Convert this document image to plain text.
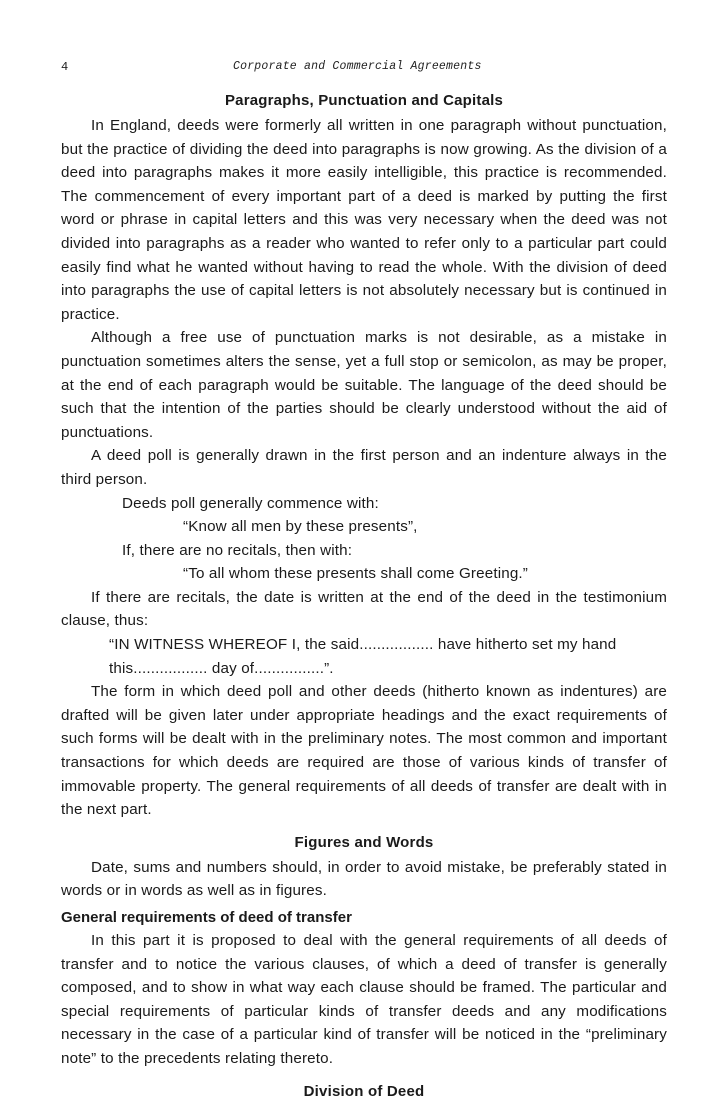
4	Corporate and Commercial Agreements
Paragraphs, Punctuation and Capitals

In England, deeds were formerly all written in one paragraph without punctuation, but the practice of dividing the deed into paragraphs is now growing. As the division of a deed into paragraphs makes it more easily intelligible, this practice is recommended. The commencement of every important part of a deed is marked by putting the first word or phrase in capital letters and this was very necessary when the deed was not divided into paragraphs as a reader who wanted to refer only to a particular part could easily find what he wanted without having to read the whole. With the division of deed into paragraphs the use of capital letters is not absolutely necessary but is continued in practice.

Although a free use of punctuation marks is not desirable, as a mistake in punctuation sometimes alters the sense, yet a full stop or semicolon, as may be proper, at the end of each paragraph would be suitable. The language of the deed should be such that the intention of the parties should be clearly understood without the aid of punctuations.

A deed poll is generally drawn in the first person and an indenture always in the third person.

Deeds poll generally commence with:
“Know all men by these presents”,
If, there are no recitals, then with:
“To all whom these presents shall come Greeting.”

If there are recitals, the date is written at the end of the deed in the testimonium clause, thus:

“IN WITNESS WHEREOF I, the said................. have hitherto set my hand
this................. day of................”.

The form in which deed poll and other deeds (hitherto known as indentures) are drafted will be given later under appropriate headings and the exact requirements of such forms will be dealt with in the preliminary notes. The most common and important transactions for which deeds are required are those of various kinds of transfer of immovable property. The general requirements of all deeds of transfer are dealt with in the next part.

Figures and Words

Date, sums and numbers should, in order to avoid mistake, be preferably stated in words or in words as well as in figures.

General requirements of deed of transfer

In this part it is proposed to deal with the general requirements of all deeds of transfer and to notice the various clauses, of which a deed of transfer is generally composed, and to show in what way each clause should be framed. The particular and special requirements of particular kinds of transfer deeds and any modifications necessary in the case of a particular kind of transfer will be noticed in the “preliminary note” to the precedents relating thereto.

Division of Deed
